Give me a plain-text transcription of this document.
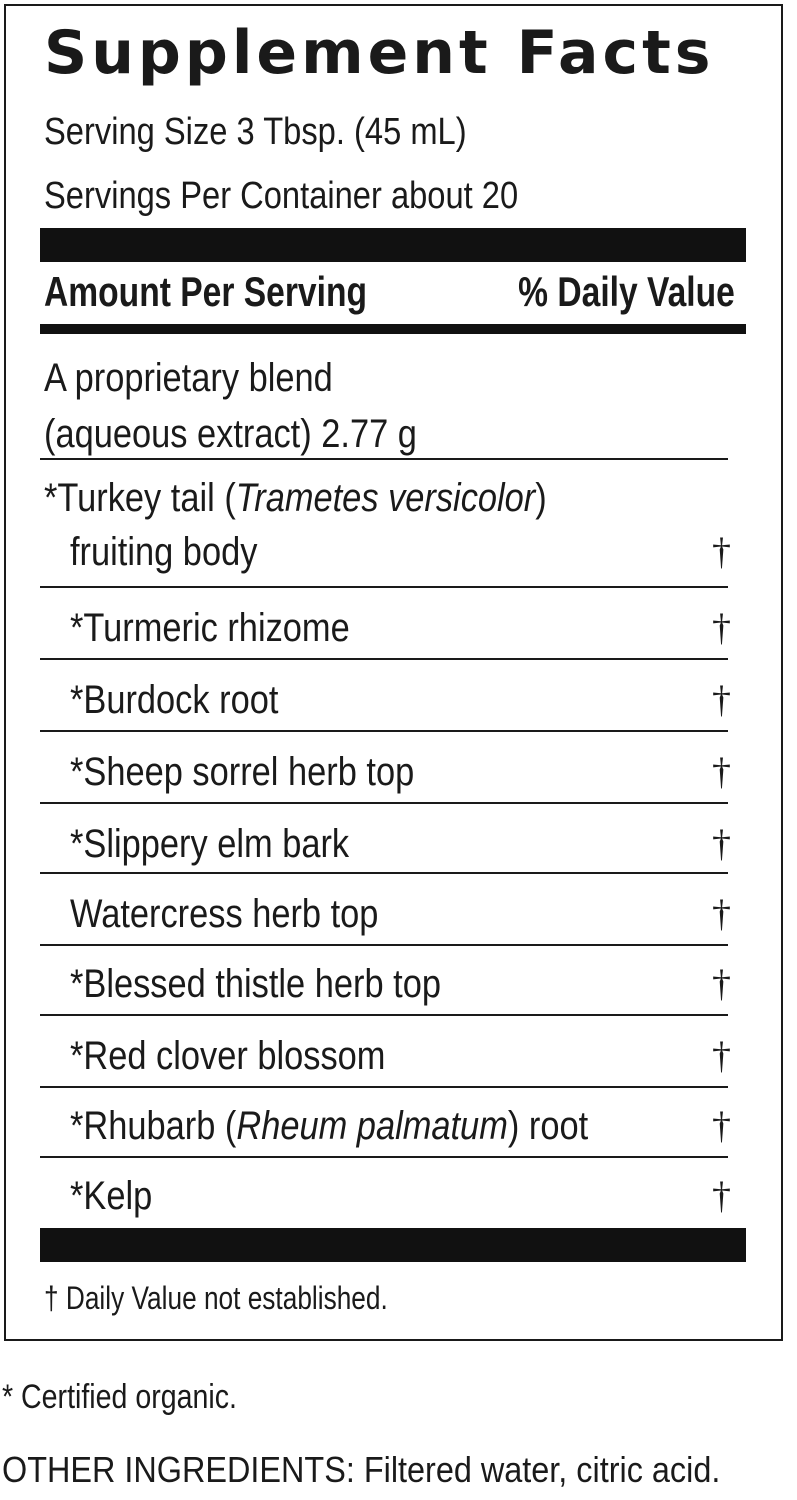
Supplement Facts
Serving Size 3 Tbsp. (45 mL)
Servings Per Container about 20
Amount Per Serving	% Daily Value
A proprietary blend
(aqueous extract) 2.77 g
*Turkey tail (Trametes versicolor)
fruiting body	†
*Turmeric rhizome	†
*Burdock root	†
*Sheep sorrel herb top	†
*Slippery elm bark	†
Watercress herb top	†
*Blessed thistle herb top	†
*Red clover blossom	†
*Rhubarb (Rheum palmatum) root	†
*Kelp	†
† Daily Value not established.
* Certified organic.
OTHER INGREDIENTS: Filtered water, citric acid.
